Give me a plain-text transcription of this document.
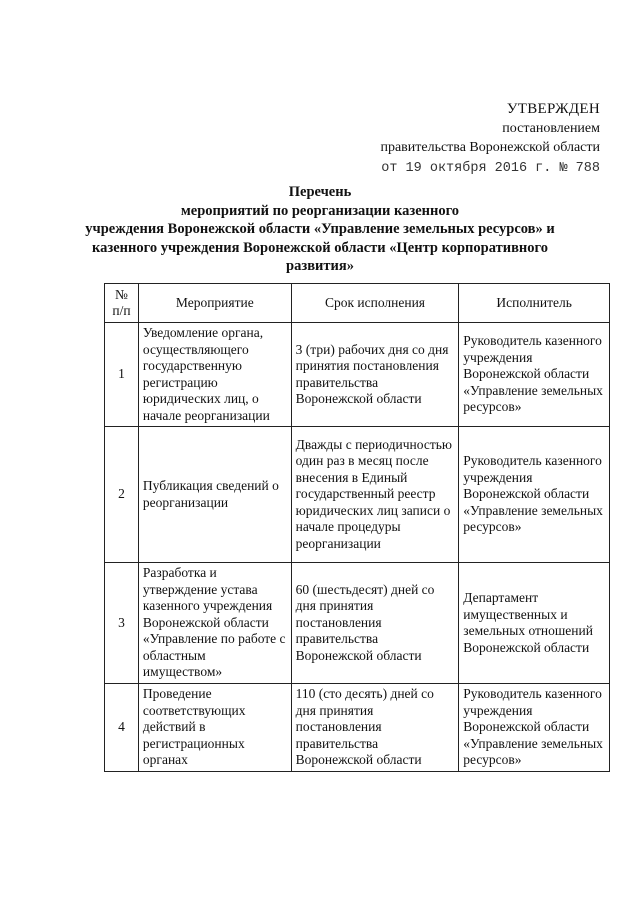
УТВЕРЖДЕН
постановлением
правительства Воронежской области
от 19 октября 2016 г. № 788
Перечень
мероприятий по реорганизации казенного
учреждения Воронежской области «Управление земельных ресурсов» и
казенного учреждения Воронежской области «Центр корпоративного
развития»
№ п/п	Мероприятие	Срок исполнения	Исполнитель
1	Уведомление органа, осуществляющего государственную регистрацию юридических лиц, о начале реорганизации	3 (три) рабочих дня со дня принятия постановления правительства Воронежской области	Руководитель казенного учреждения Воронежской области «Управление земельных ресурсов»
2	Публикация сведений о реорганизации	Дважды с периодичностью один раз в месяц после внесения в Единый государственный реестр юридических лиц записи о начале процедуры реорганизации	Руководитель казенного учреждения Воронежской области «Управление земельных ресурсов»
3	Разработка и утверждение устава казенного учреждения Воронежской области «Управление по работе с областным имуществом»	60 (шестьдесят) дней со дня принятия постановления правительства Воронежской области	Департамент имущественных и земельных отношений Воронежской области
4	Проведение соответствующих действий в регистрационных органах	110 (сто десять) дней со дня принятия постановления правительства Воронежской области	Руководитель казенного учреждения Воронежской области «Управление земельных ресурсов»
